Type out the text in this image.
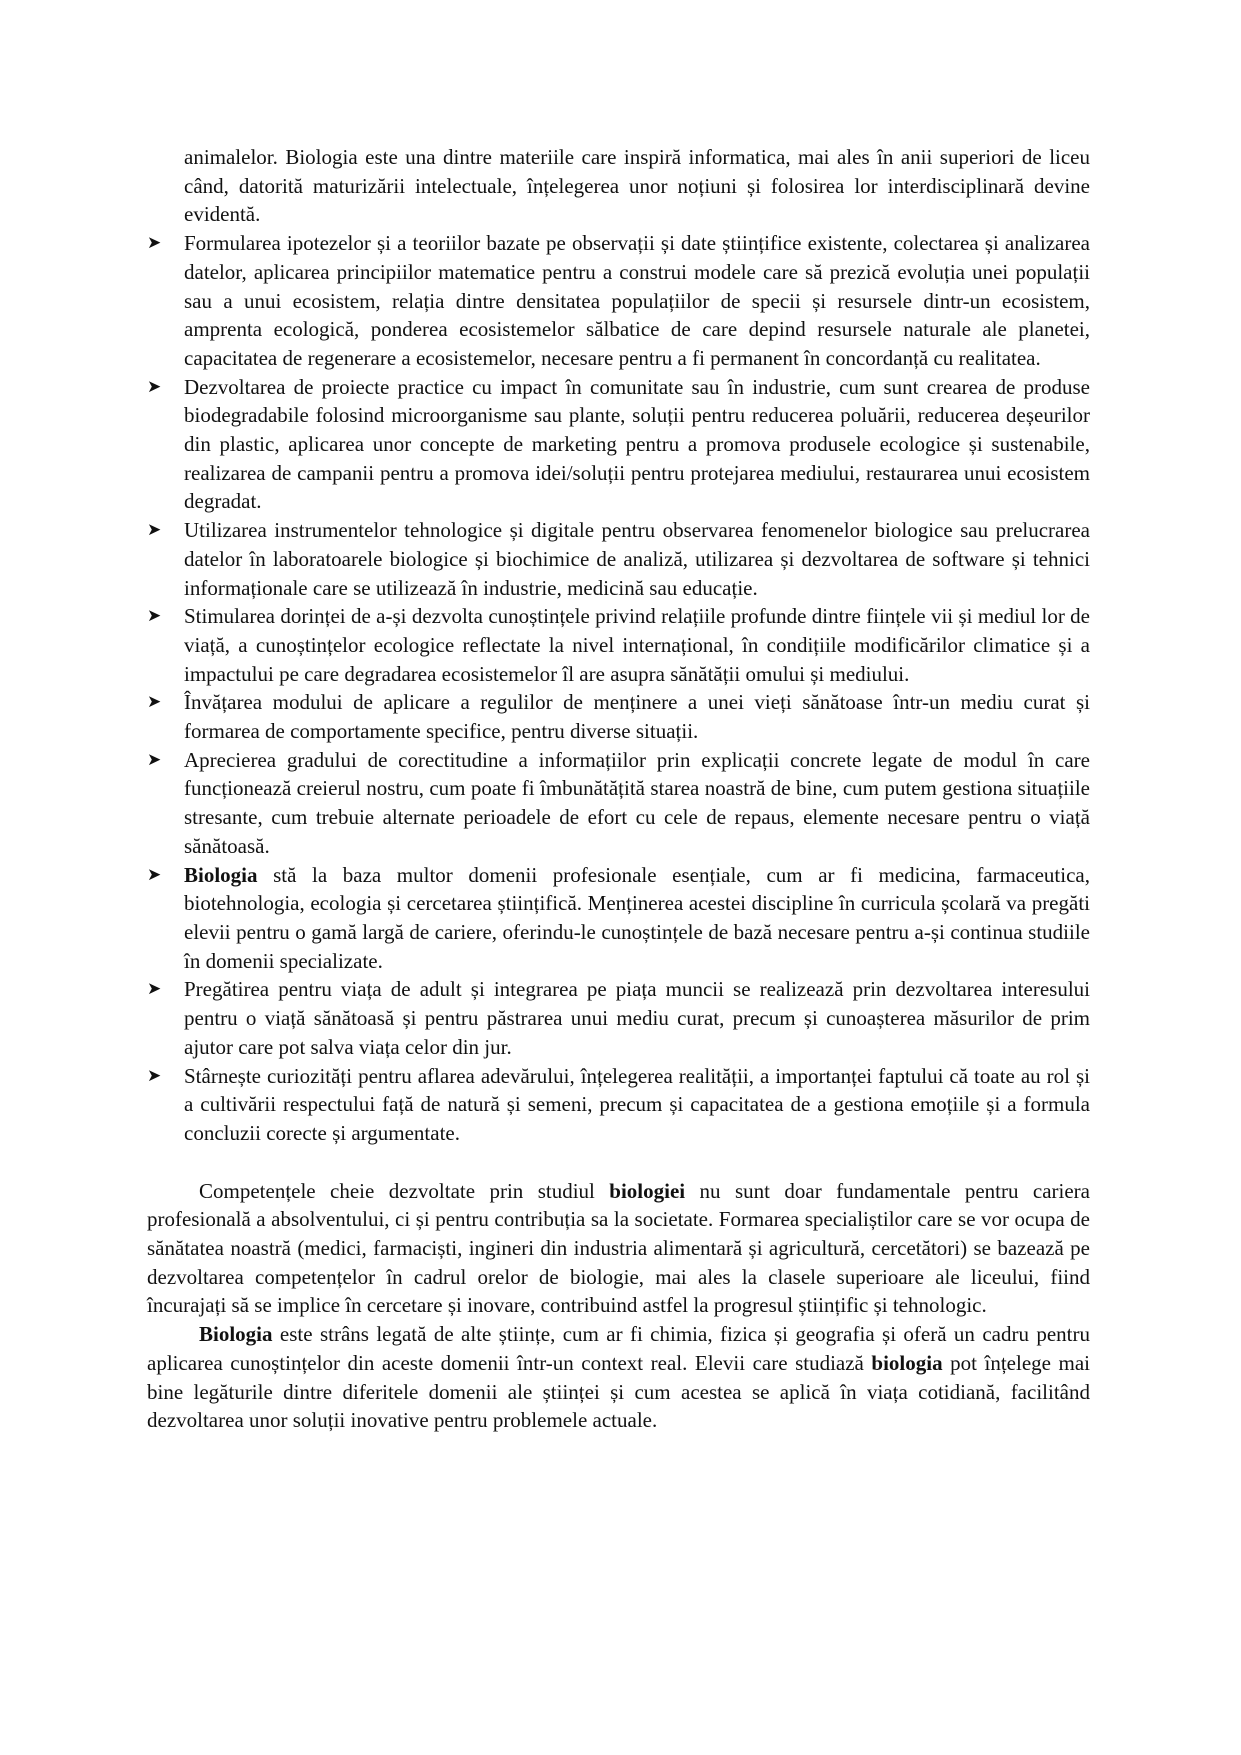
animalelor. Biologia este una dintre materiile care inspiră informatica, mai ales în anii superiori de liceu când, datorită maturizării intelectuale, înțelegerea unor noțiuni și folosirea lor interdisciplinară devine evidentă.
➤ Formularea ipotezelor și a teoriilor bazate pe observații și date științifice existente, colectarea și analizarea datelor, aplicarea principiilor matematice pentru a construi modele care să prezică evoluția unei populații sau a unui ecosistem, relația dintre densitatea populațiilor de specii și resursele dintr-un ecosistem, amprenta ecologică, ponderea ecosistemelor sălbatice de care depind resursele naturale ale planetei, capacitatea de regenerare a ecosistemelor, necesare pentru a fi permanent în concordanță cu realitatea.
➤ Dezvoltarea de proiecte practice cu impact în comunitate sau în industrie, cum sunt crearea de produse biodegradabile folosind microorganisme sau plante, soluții pentru reducerea poluării, reducerea deșeurilor din plastic, aplicarea unor concepte de marketing pentru a promova produsele ecologice și sustenabile, realizarea de campanii pentru a promova idei/soluții pentru protejarea mediului, restaurarea unui ecosistem degradat.
➤ Utilizarea instrumentelor tehnologice și digitale pentru observarea fenomenelor biologice sau prelucrarea datelor în laboratoarele biologice și biochimice de analiză, utilizarea și dezvoltarea de software și tehnici informaționale care se utilizează în industrie, medicină sau educație.
➤ Stimularea dorinței de a-și dezvolta cunoștințele privind relațiile profunde dintre ființele vii și mediul lor de viață, a cunoștințelor ecologice reflectate la nivel internațional, în condițiile modificărilor climatice și a impactului pe care degradarea ecosistemelor îl are asupra sănătății omului și mediului.
➤ Învățarea modului de aplicare a regulilor de menținere a unei vieți sănătoase într-un mediu curat și formarea de comportamente specifice, pentru diverse situații.
➤ Aprecierea gradului de corectitudine a informațiilor prin explicații concrete legate de modul în care funcționează creierul nostru, cum poate fi îmbunătățită starea noastră de bine, cum putem gestiona situațiile stresante, cum trebuie alternate perioadele de efort cu cele de repaus, elemente necesare pentru o viață sănătoasă.
➤ Biologia stă la baza multor domenii profesionale esențiale, cum ar fi medicina, farmaceutica, biotehnologia, ecologia și cercetarea științifică. Menținerea acestei discipline în curricula școlară va pregăti elevii pentru o gamă largă de cariere, oferindu-le cunoștințele de bază necesare pentru a-și continua studiile în domenii specializate.
➤ Pregătirea pentru viața de adult și integrarea pe piața muncii se realizează prin dezvoltarea interesului pentru o viață sănătoasă și pentru păstrarea unui mediu curat, precum și cunoașterea măsurilor de prim ajutor care pot salva viața celor din jur.
➤ Stârnește curiozități pentru aflarea adevărului, înțelegerea realității, a importanței faptului că toate au rol și a cultivării respectului față de natură și semeni, precum și capacitatea de a gestiona emoțiile și a formula concluzii corecte și argumentate.
Competențele cheie dezvoltate prin studiul biologiei nu sunt doar fundamentale pentru cariera profesională a absolventului, ci și pentru contribuția sa la societate. Formarea specialiștilor care se vor ocupa de sănătatea noastră (medici, farmaciști, ingineri din industria alimentară și agricultură, cercetători) se bazează pe dezvoltarea competențelor în cadrul orelor de biologie, mai ales la clasele superioare ale liceului, fiind încurajați să se implice în cercetare și inovare, contribuind astfel la progresul științific și tehnologic.
Biologia este strâns legată de alte științe, cum ar fi chimia, fizica și geografia și oferă un cadru pentru aplicarea cunoștințelor din aceste domenii într-un context real. Elevii care studiază biologia pot înțelege mai bine legăturile dintre diferitele domenii ale științei și cum acestea se aplică în viața cotidiană, facilitând dezvoltarea unor soluții inovative pentru problemele actuale.
